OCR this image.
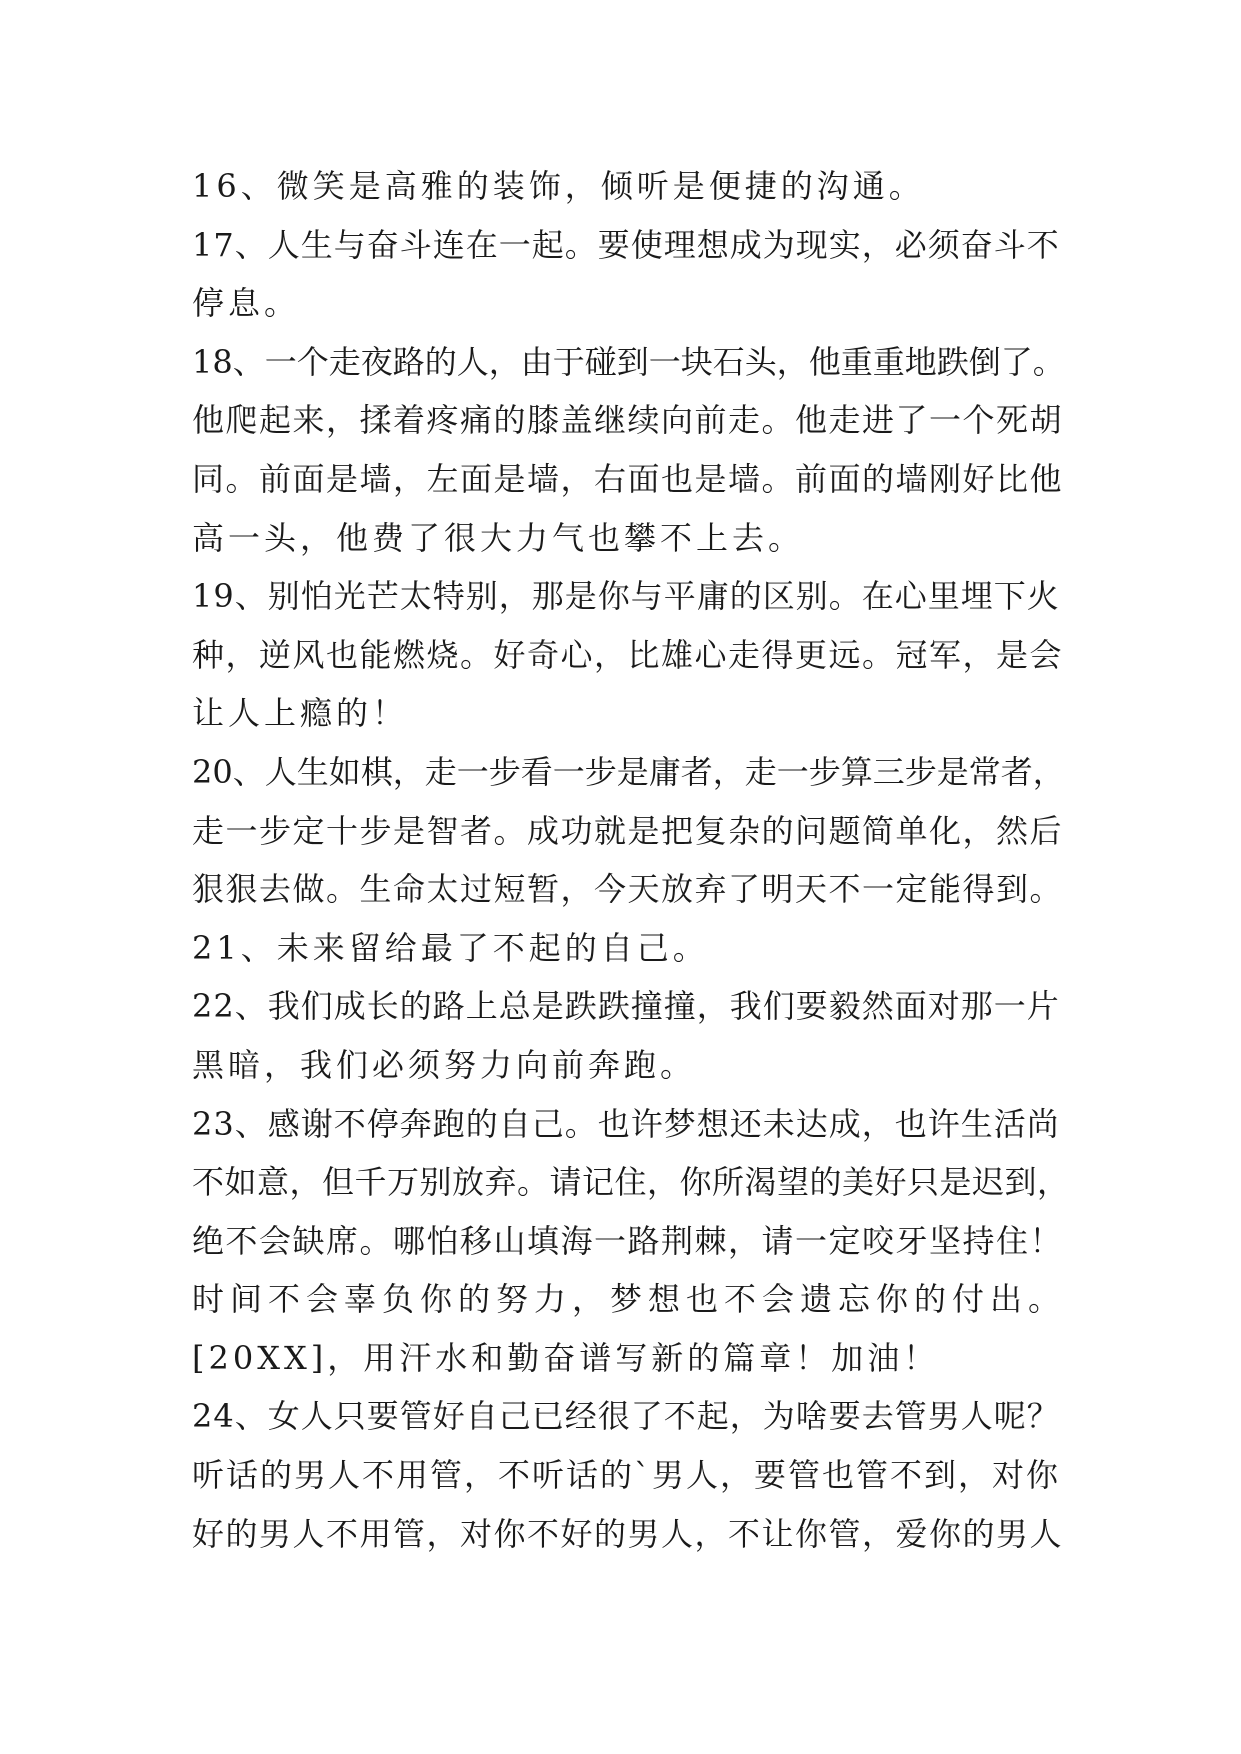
16、微笑是高雅的装饰，倾听是便捷的沟通。
17、人生与奋斗连在一起。要使理想成为现实，必须奋斗不
停息。
18、一个走夜路的人，由于碰到一块石头，他重重地跌倒了。
他爬起来，揉着疼痛的膝盖继续向前走。他走进了一个死胡
同。前面是墙，左面是墙，右面也是墙。前面的墙刚好比他
高一头，他费了很大力气也攀不上去。
19、别怕光芒太特别，那是你与平庸的区别。在心里埋下火
种，逆风也能燃烧。好奇心，比雄心走得更远。冠军，是会
让人上瘾的！
20、人生如棋，走一步看一步是庸者，走一步算三步是常者，
走一步定十步是智者。成功就是把复杂的问题简单化，然后
狠狠去做。生命太过短暂，今天放弃了明天不一定能得到。
21、未来留给最了不起的自己。
22、我们成长的路上总是跌跌撞撞，我们要毅然面对那一片
黑暗，我们必须努力向前奔跑。
23、感谢不停奔跑的自己。也许梦想还未达成，也许生活尚
不如意，但千万别放弃。请记住，你所渴望的美好只是迟到，
绝不会缺席。哪怕移山填海一路荆棘，请一定咬牙坚持住！
时间不会辜负你的努力，梦想也不会遗忘你的付出。
[20XX]，用汗水和勤奋谱写新的篇章！加油！
24、女人只要管好自己已经很了不起，为啥要去管男人呢？
听话的男人不用管，不听话的`男人，要管也管不到，对你
好的男人不用管，对你不好的男人，不让你管，爱你的男人
